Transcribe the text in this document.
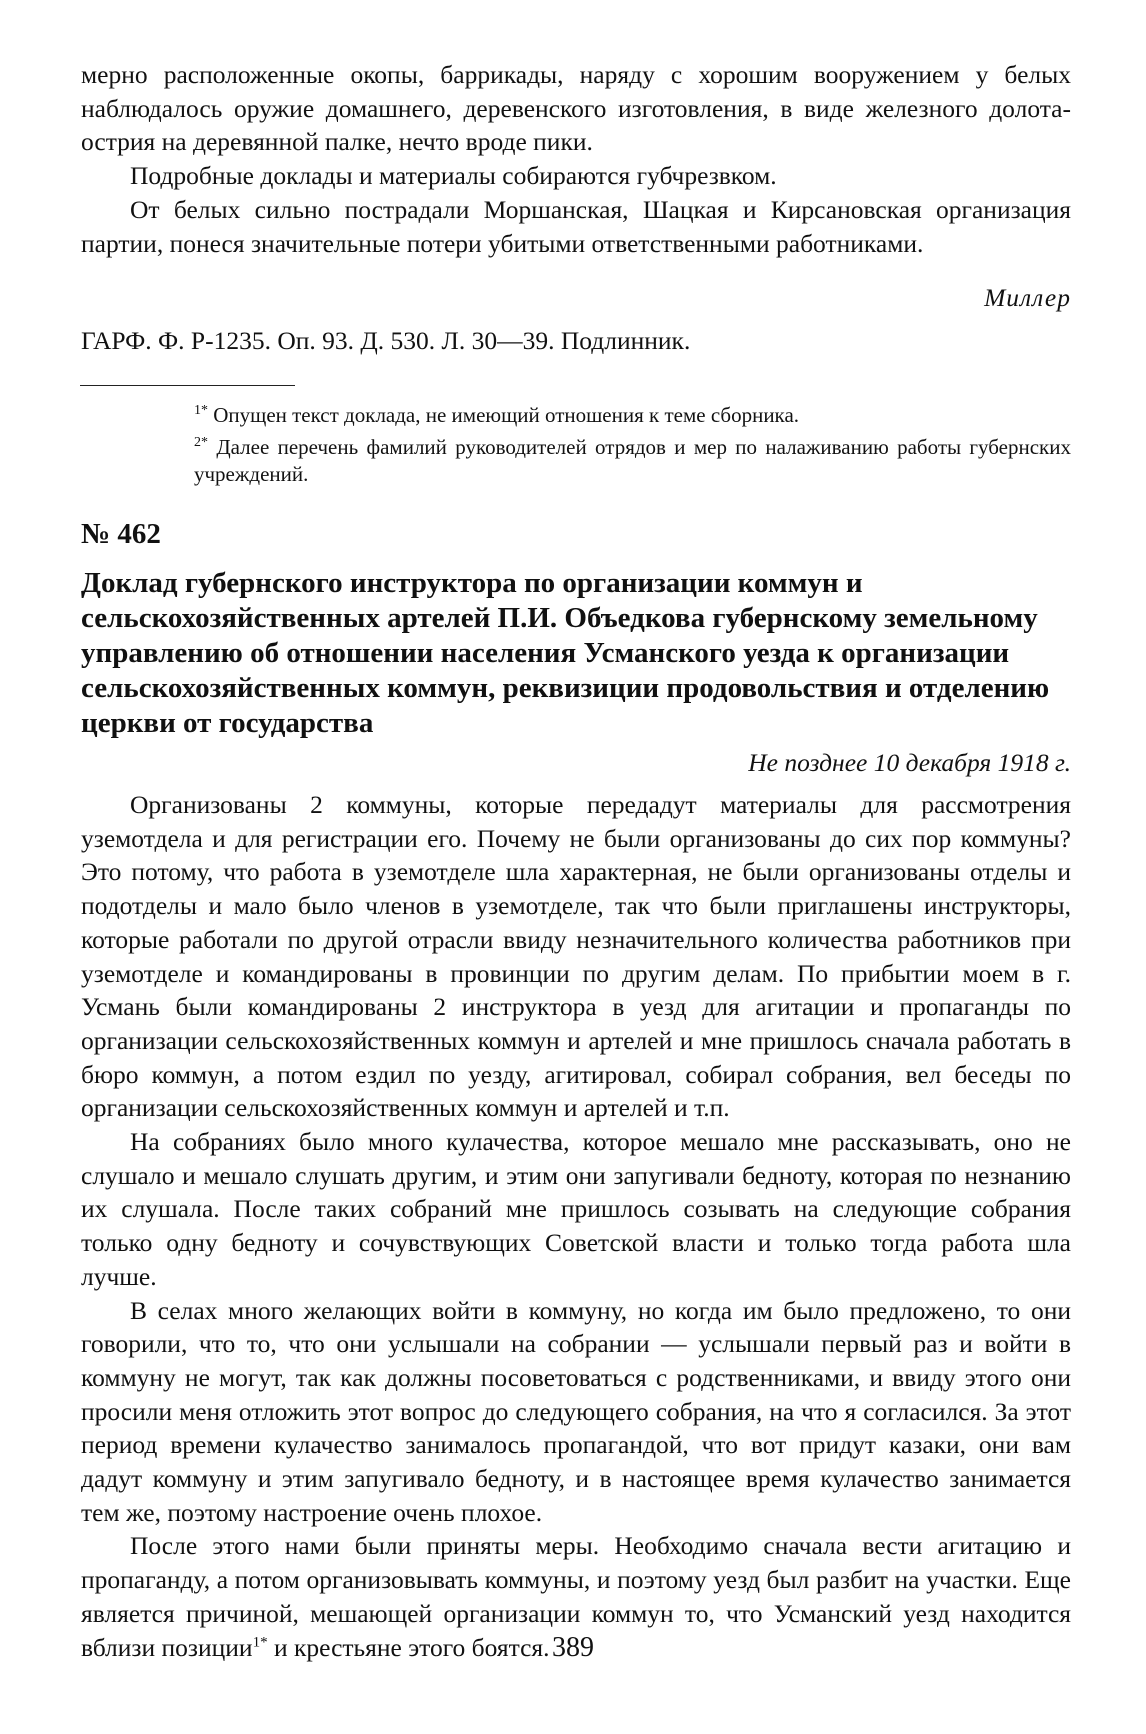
мерно расположенные окопы, баррикады, наряду с хорошим вооружением у белых наблюдалось оружие домашнего, деревенского изготовления, в виде железного долота-острия на деревянной палке, нечто вроде пики.

Подробные доклады и материалы собираются губчрезвком.

От белых сильно пострадали Моршанская, Шацкая и Кирсановская организация партии, понеся значительные потери убитыми ответственными работниками.

Миллер
ГАРФ. Ф. Р-1235. Оп. 93. Д. 530. Л. 30—39. Подлинник.

$^{1*}$ Опущен текст доклада, не имеющий отношения к теме сборника.

$^{2*}$ Далее перечень фамилий руководителей отрядов и мер по налаживанию работы губернских учреждений.

№ 462

Доклад губернского инструктора по организации коммун и сельскохозяйственных артелей П.И. Объедкова губернскому земельному управлению об отношении населения Усманского уезда к организации сельскохозяйственных коммун, реквизиции продовольствия и отделению церкви от государства

Не позднее 10 декабря 1918 г.

Организованы 2 коммуны, которые передадут материалы для рассмотрения уземотдела и для регистрации его. Почему не были организованы до сих пор коммуны? Это потому, что работа в уземотделе шла характерная, не были организованы отделы и подотделы и мало было членов в уземотделе, так что были приглашены инструкторы, которые работали по другой отрасли ввиду незначительного количества работников при уземотделе и командированы в провинции по другим делам. По прибытии моем в г. Усмань были командированы 2 инструктора в уезд для агитации и пропаганды по организации сельскохозяйственных коммун и артелей и мне пришлось сначала работать в бюро коммун, а потом ездил по уезду, агитировал, собирал собрания, вел беседы по организации сельскохозяйственных коммун и артелей и т.п.

На собраниях было много кулачества, которое мешало мне рассказывать, оно не слушало и мешало слушать другим, и этим они запугивали бедноту, которая по незнанию их слушала. После таких собраний мне пришлось созывать на следующие собрания только одну бедноту и сочувствующих Советской власти и только тогда работа шла лучше.

В селах много желающих войти в коммуну, но когда им было предложено, то они говорили, что то, что они услышали на собрании — услышали первый раз и войти в коммуну не могут, так как должны посоветоваться с родственниками, и ввиду этого они просили меня отложить этот вопрос до следующего собрания, на что я согласился. За этот период времени кулачество занималось пропагандой, что вот придут казаки, они вам дадут коммуну и этим запугивало бедноту, и в настоящее время кулачество занимается тем же, поэтому настроение очень плохое.

После этого нами были приняты меры. Необходимо сначала вести агитацию и пропаганду, а потом организовывать коммуны, и поэтому уезд был разбит на участки. Еще является причиной, мешающей организации коммун то, что Усманский уезд находится вблизи позиции$^{1*}$ и крестьяне этого боятся. 389
